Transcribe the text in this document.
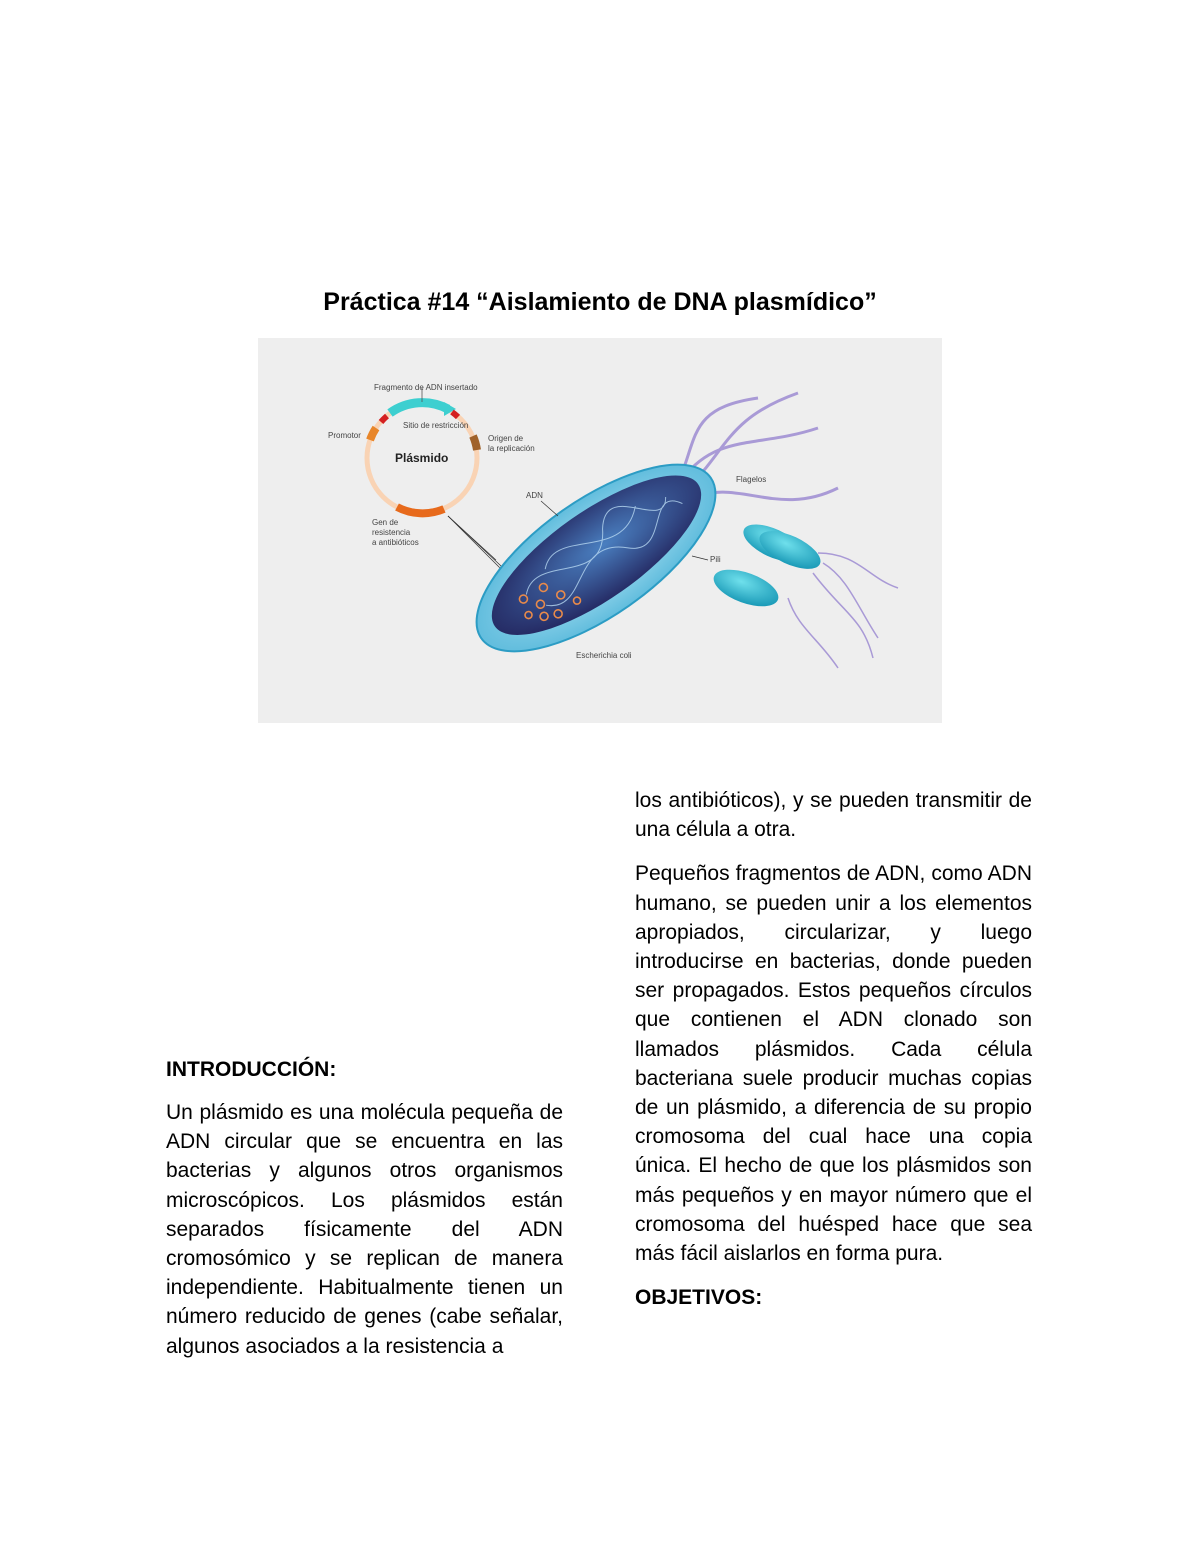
Práctica #14 “Aislamiento de DNA plasmídico”
Fragmento de ADN insertado
Sitio de restricción
Promotor	Origen de
la replicación
Plásmido
Gen de
resistencia
a antibióticos
ADN
Flagelos
Pili
Escherichia coli
INTRODUCCIÓN:

Un plásmido es una molécula pequeña de ADN circular que se encuentra en las bacterias y algunos otros organismos microscópicos. Los plásmidos están separados físicamente del ADN cromosómico y se replican de manera independiente. Habitualmente tienen un número reducido de genes (cabe señalar, algunos asociados a la resistencia a

los antibióticos), y se pueden transmitir de una célula a otra.

Pequeños fragmentos de ADN, como ADN humano, se pueden unir a los elementos apropiados, circularizar, y luego introducirse en bacterias, donde pueden ser propagados. Estos pequeños círculos que contienen el ADN clonado son llamados plásmidos. Cada célula bacteriana suele producir muchas copias de un plásmido, a diferencia de su propio cromosoma del cual hace una copia única. El hecho de que los plásmidos son más pequeños y en mayor número que el cromosoma del huésped hace que sea más fácil aislarlos en forma pura.

OBJETIVOS:
